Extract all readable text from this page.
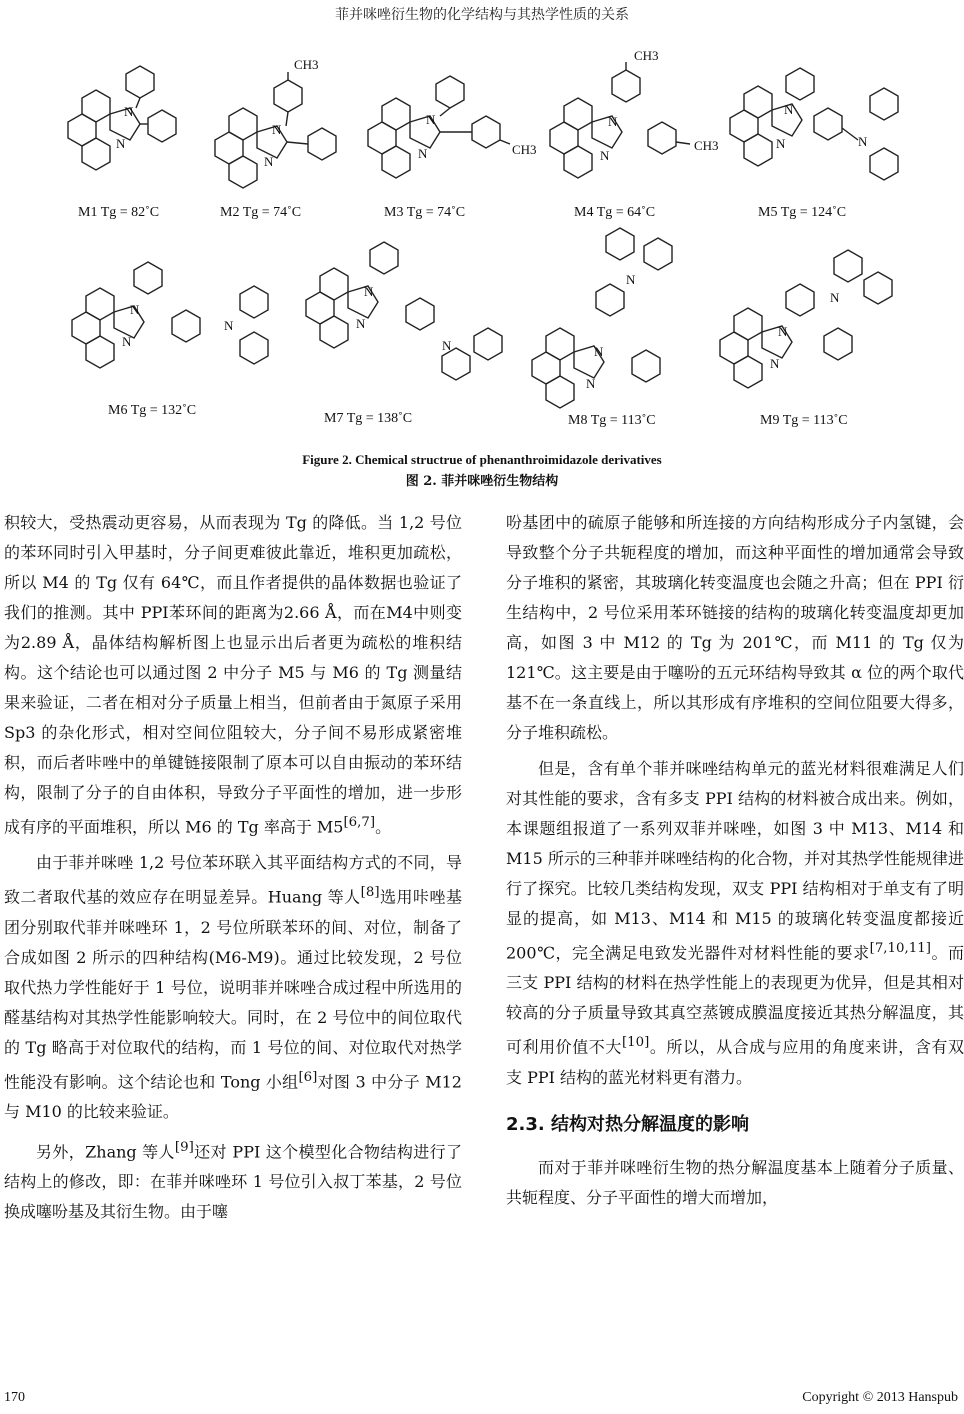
菲并咪唑衍生物的化学结构与其热学性质的关系
N
N
M1 Tg = 82˚C
CH3
N
N
M2 Tg = 74˚C
CH3
N
N
M3 Tg = 74˚C
CH3
CH3
N
N
M4 Tg = 64˚C
N
N
N
M5 Tg = 124˚C
N
N
N
M6 Tg = 132˚C
N
N
N
M7 Tg = 138˚C
N
N
N
M8 Tg = 113˚C
N
N
N
M9 Tg = 113˚C
Figure 2. Chemical structrue of phenanthroimidazole derivatives
图 2. 菲并咪唑衍生物结构

积较大，受热震动更容易，从而表现为 Tg 的降低。当 1,2 号位的苯环同时引入甲基时，分子间更难彼此靠近，堆积更加疏松，所以 M4 的 Tg 仅有 64℃，而且作者提供的晶体数据也验证了我们的推测。其中 PPI苯环间的距离为2.66 Å，而在M4中则变为2.89 Å，晶体结构解析图上也显示出后者更为疏松的堆积结构。这个结论也可以通过图 2 中分子 M5 与 M6 的 Tg 测量结果来验证，二者在相对分子质量上相当，但前者由于氮原子采用 Sp3 的杂化形式，相对空间位阻较大，分子间不易形成紧密堆积，而后者咔唑中的单键链接限制了原本可以自由振动的苯环结构，限制了分子的自由体积，导致分子平面性的增加，进一步形成有序的平面堆积，所以 M6 的 Tg 率高于 M5[6,7]。

由于菲并咪唑 1,2 号位苯环联入其平面结构方式的不同，导致二者取代基的效应存在明显差异。Huang 等人[8]选用咔唑基团分别取代菲并咪唑环 1，2 号位所联苯环的间、对位，制备了合成如图 2 所示的四种结构(M6-M9)。通过比较发现，2 号位取代热力学性能好于 1 号位，说明菲并咪唑合成过程中所选用的醛基结构对其热学性能影响较大。同时，在 2 号位中的间位取代的 Tg 略高于对位取代的结构，而 1 号位的间、对位取代对热学性能没有影响。这个结论也和 Tong 小组[6]对图 3 中分子 M12 与 M10 的比较来验证。

另外，Zhang 等人[9]还对 PPI 这个模型化合物结构进行了结构上的修改，即：在菲并咪唑环 1 号位引入叔丁苯基，2 号位换成噻吩基及其衍生物。由于噻

吩基团中的硫原子能够和所连接的方向结构形成分子内氢键，会导致整个分子共轭程度的增加，而这种平面性的增加通常会导致分子堆积的紧密，其玻璃化转变温度也会随之升高；但在 PPI 衍生结构中，2 号位采用苯环链接的结构的玻璃化转变温度却更加高，如图 3 中 M12 的 Tg 为 201℃，而 M11 的 Tg 仅为 121℃。这主要是由于噻吩的五元环结构导致其 α 位的两个取代基不在一条直线上，所以其形成有序堆积的空间位阻要大得多，分子堆积疏松。

但是，含有单个菲并咪唑结构单元的蓝光材料很难满足人们对其性能的要求，含有多支 PPI 结构的材料被合成出来。例如，本课题组报道了一系列双菲并咪唑，如图 3 中 M13、M14 和 M15 所示的三种菲并咪唑结构的化合物，并对其热学性能规律进行了探究。比较几类结构发现，双支 PPI 结构相对于单支有了明显的提高，如 M13、M14 和 M15 的玻璃化转变温度都接近 200℃，完全满足电致发光器件对材料性能的要求[7,10,11]。而三支 PPI 结构的材料在热学性能上的表现更为优异，但是其相对较高的分子质量导致其真空蒸镀成膜温度接近其热分解温度，其可利用价值不大[10]。所以，从合成与应用的角度来讲，含有双支 PPI 结构的蓝光材料更有潜力。

2.3. 结构对热分解温度的影响

而对于菲并咪唑衍生物的热分解温度基本上随着分子质量、共轭程度、分子平面性的增大而增加，

170	Copyright © 2013 Hanspub
